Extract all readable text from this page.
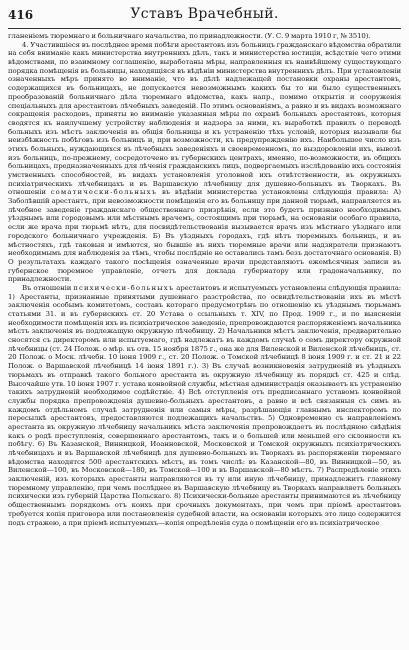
416	Уставъ Врачебный.

гланенiемъ тюремнаго и больничнаго начальства, по принадлежности. (У. С. 9 марта 1910 г, № 3510).

4. Участившiеся въ послѣднее время побѣги арестантовъ изъ больницъ гражданскаго вѣдомства обратили на себя вниманiе какъ министерства внутреннихъ дѣлъ, такъ и министерства юстицiи, всѣдствiе чего этими вѣдомствами, по взаимному соглашенiю, выработаны мѣры, направленныя къ наивѣйшему существующаго порядка помѣщенiя въ больницы, находящiяся въ вѣдѣнiи министерства внутреннихъ дѣлъ. При установленiи означенныхъ мѣръ принято во вниманiе, что въ дѣлѣ надлежащей постановки охраны арестантовъ, содержащихся въ больницахъ, не допускается невозможнымъ какихъ бы то ни было существенныхъ преобразованiй больничнаго дѣла тюремнаго вѣдомства, какъ напр., помимо открытiя и сооруженiя спецiальныхъ для арестантовъ лѣчебныхъ заведенiй. По этимъ основанiямъ, а равно и въ видахъ возможнаго сокращенiя расходовъ, приняты во вниманiе указанныя мѣры по охранѣ больныхъ арестантовъ, которыя сводятся къ наилучшему устройству наблюденiя и надзора за ними, къ выработкѣ правилъ о переводѣ больныхъ изъ мѣстъ заключенiя въ общiя больницы и къ устраненiю тѣхъ условiй, которыя вызывали бы неизбѣжность побѣговъ изъ больницъ и, при возможности, къ предупрежденiю ихъ. Наибольшее число изъ этихъ больныхъ, нуждающихся въ лѣчебныхъ заведенiяхъ и своевременномъ, по выздоровленiи ихъ, вывозѣ изъ больницъ, по-прежнему, сосредоточено въ губернскихъ центрахъ, именно, по-возможности, въ общихъ больницахъ, предназначенныхъ для лѣченiя гражданскихъ лицъ, подвергаемыхъ изслѣдованiю ихъ состоянiя умственныхъ способностей, въ видахъ установленiя уголовной ихъ отвѣтственности, въ окружныхъ психiатрическихъ лѣчебницахъ и въ Варшавскую лѣчебницу для душевно-больныхъ въ Творкахъ. Въ отношенiи соматически-больныхъ въ вѣдѣнiи министерства установлены слѣдующiя правила: А) Заболѣвшiй арестантъ, при невозможности помѣщенiя его въ больницу при данной тюрьмѣ, направляется въ лѣчебное заведенiе гражданскаго общественнаго призрѣнiя, если это будетъ признано необходимымъ уѣзднымъ или городовымъ или мѣстнымъ врачемъ, состоящимъ при тюрьмѣ, на основанiи особаго правила, если же врача при тюрьмѣ нѣтъ, для посвидѣтельствованiя вызывается врачъ изъ мѣстнаго уѣзднаго или городского больничнаго учрежденiя. Б) Въ уѣздныхъ городахъ, гдѣ нѣтъ тюремныхъ больницъ, и въ мѣстностяхъ, гдѣ таковыя и имѣются, но бывшiе въ нихъ тюремные врачи или надзиратели признаютъ необходимымъ для наблюденiя за тѣмъ, чтобы послѣднiе не оставались тамъ безъ достаточнаго основанiя. В) О результатахъ каждаго такого посѣщенiя означенные врачи представляютъ ежемѣсячныя записи въ губернское тюремное управленiе, отчетъ для доклада губернатору или градоначальнику, по принадлежности.

Въ отношенiи психически-больныхъ арестантовъ и испытуемыхъ установлены слѣдующiя правила: 1) Арестанты, признанные принятыми душевнаго разстройства, по освидѣтельствованiи ихъ въ мѣстѣ заключенiя особымъ комитетомъ, составъ котораго предусмотрѣнъ по отношенiю къ уѣзднымъ тюрьмамъ статьями 31. и въ губерискихъ ст. 20 Устава о ссыльныхъ т. XIV, по Прод. 1909 г., и по выясненiи необходимости помѣщенiя ихъ въ психiатрическое заведенiе, препровождаются распоряженiемъ начальника мѣстъ заключенiя въ подлежащую окружную лѣчебницу. 2) Начальники мѣстъ заключенiя, предварительно сносятся съ директоромъ или испытуемаго, гдѣ надлежатъ въ каждомъ случаѣ о семъ директору окружной лѣчебницы (ст. 24 Полож. о мѣр. къ отв. 15 ноября 1875 г., она же для Виленской и Виленской лѣчебницъ, ст. 20 Полож. о Моск. лѣчебн. 10 iюня 1909 г., ст. 20 Полож. о Томской лѣчебницѣ 8 iюня 1909 г. и ст. 21 и 22 Полож. о Варшавской лѣчебницѣ 14 iюня 1891 г.). 3) Въ случаѣ возникновенiя затрудненiй въ уѣздныхъ тюрьмахъ въ отправкѣ такого больного арестанта въ окружную лѣчебницу въ порядкѣ ст. 425 и слѣд. Высочайше утв. 10 iюня 1907 г. устава конвойной службы, мѣстная администрацiя оказываетъ къ устраненiю такихъ затрудненiй необходимое содѣйствiе. 4) Всѣ отступленiя отъ предписаннаго уставомъ конвойной службы порядка препровожденiя душевно-больныхъ арестантовъ, а равно и всѣ связанныя съ симъ въ каждомъ отдѣльномъ случаѣ затрудненiя или самыя мѣры, разрѣшающiя главнымъ инспекторомъ по пересылкѣ арестантовъ, предоставляются подлежащихъ начальствъ. 5) Одновременно съ направленiемъ арестанта въ окружную лѣчебницу начальникъ мѣста заключенiя препровождаетъ въ послѣднюю свѣдѣнiя какъ о родѣ преступленiя, совершеннаго арестантомъ, такъ и о большей или меньшей его склонности къ побѣгу. 6) Въ Казанской, Винницкой, Иоанновской, Московской и Томской окружныхъ психiатрическихъ лѣчебницахъ и въ Варшавской лѣчебницѣ для душевно-больныхъ въ Творкахъ въ распоряженiи тюремнаго вѣдомства находятся 500 арестантскихъ мѣстъ, въ томъ числѣ: въ Казанской—80, въ Винницкой—50, въ Виленской—100, въ Московской—180, въ Томской—100 и въ Варшавской—80 мѣстъ. 7) Распредѣленiе этихъ заключенiй, изъ которыхъ арестанты направляются въ ту или иную лѣчебницу, принадлежитъ главному тюремному управленiю, при чемъ послѣднее въ Варшавскую лѣчебницу въ Творкахъ направляетъ больныхъ психически изъ губернiй Царства Польскаго. 8) Психически-больные арестанты принимаются въ лѣчебницу общественнымъ порядкомъ отъ коихъ при срочныхъ документахъ, при чемъ при прiемѣ арестантовъ требуется копiя приговора или постановленiя судебной власти, на основанiи которыхъ это лицо содержится подъ стражею, а при прiемѣ испытуемыхъ—копiя опредѣленiя суда о помѣщенiи его въ психiатрическое
